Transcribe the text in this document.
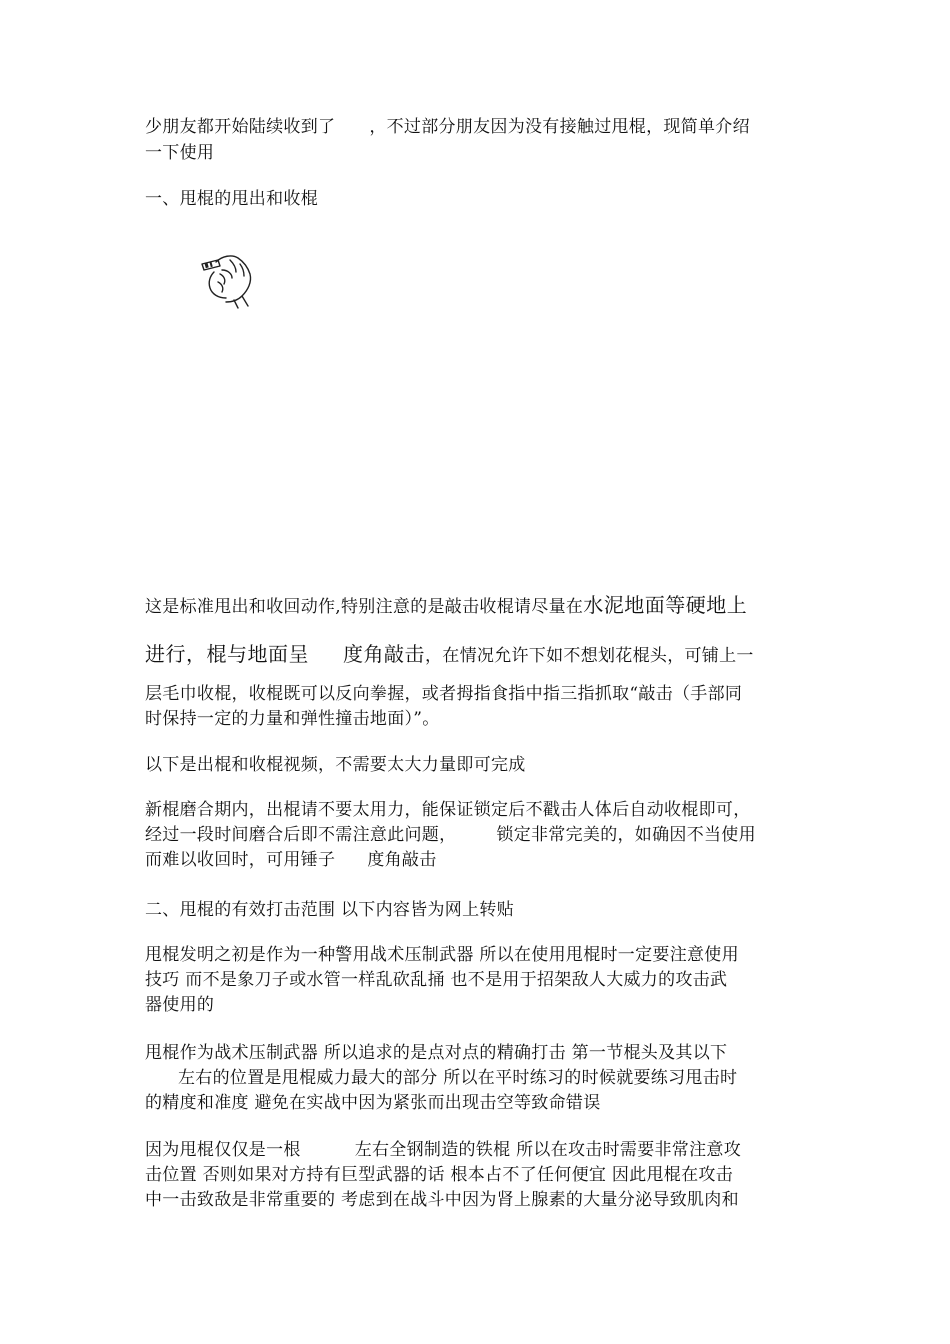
少朋友都开始陆续收到了 ，不过部分朋友因为没有接触过甩棍，现简单介绍
一下使用
一、甩棍的甩出和收棍
这是标准甩出和收回动作,特别注意的是敲击收棍请尽量在水泥地面等硬地上
进行，棍与地面呈 度角敲击，在情况允许下如不想划花棍头，可铺上一
层毛巾收棍，收棍既可以反向拳握，或者拇指食指中指三指抓取“敲击（手部同
时保持一定的力量和弹性撞击地面）”。
以下是出棍和收棍视频，不需要太大力量即可完成
新棍磨合期内，出棍请不要太用力，能保证锁定后不戳击人体后自动收棍即可，
经过一段时间磨合后即不需注意此问题， 锁定非常完美的，如确因不当使用
而难以收回时，可用锤子 度角敲击
二、甩棍的有效打击范围 以下内容皆为网上转贴
甩棍发明之初是作为一种警用战术压制武器 所以在使用甩棍时一定要注意使用
技巧 而不是象刀子或水管一样乱砍乱捅 也不是用于招架敌人大威力的攻击武
器使用的
甩棍作为战术压制武器 所以追求的是点对点的精确打击 第一节棍头及其以下
左右的位置是甩棍威力最大的部分 所以在平时练习的时候就要练习甩击时
的精度和准度 避免在实战中因为紧张而出现击空等致命错误
因为甩棍仅仅是一根	左右全钢制造的铁棍 所以在攻击时需要非常注意攻
击位置 否则如果对方持有巨型武器的话 根本占不了任何便宜 因此甩棍在攻击
中一击致敌是非常重要的 考虑到在战斗中因为肾上腺素的大量分泌导致肌肉和
